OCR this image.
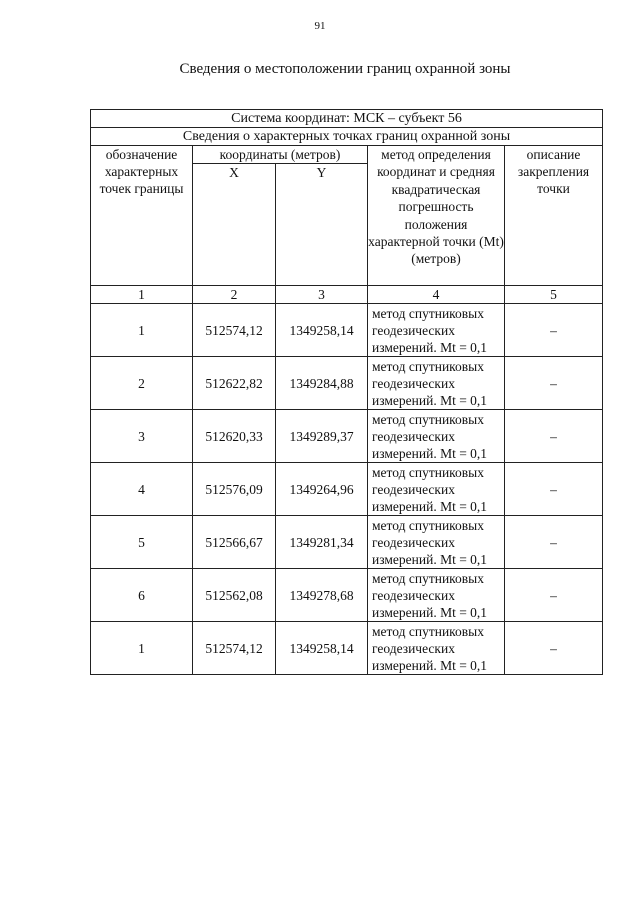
91
Сведения о местоположении границ охранной зоны
Система координат: МСК – субъект 56				
Сведения о характерных точках границ охранной зоны				
обозначение характерных точек границы	координаты (метров)		метод определения координат и средняя квадратическая погрешность положения характерной точки (Mt) (метров)	описание закрепления точки
	X	Y		
1	2	3	4	5
1	512574,12	1349258,14	метод спутниковых геодезических измерений. Mt = 0,1	–
2	512622,82	1349284,88	метод спутниковых геодезических измерений. Mt = 0,1	–
3	512620,33	1349289,37	метод спутниковых геодезических измерений. Mt = 0,1	–
4	512576,09	1349264,96	метод спутниковых геодезических измерений. Mt = 0,1	–
5	512566,67	1349281,34	метод спутниковых геодезических измерений. Mt = 0,1	–
6	512562,08	1349278,68	метод спутниковых геодезических измерений. Mt = 0,1	–
1	512574,12	1349258,14	метод спутниковых геодезических измерений. Mt = 0,1	–
